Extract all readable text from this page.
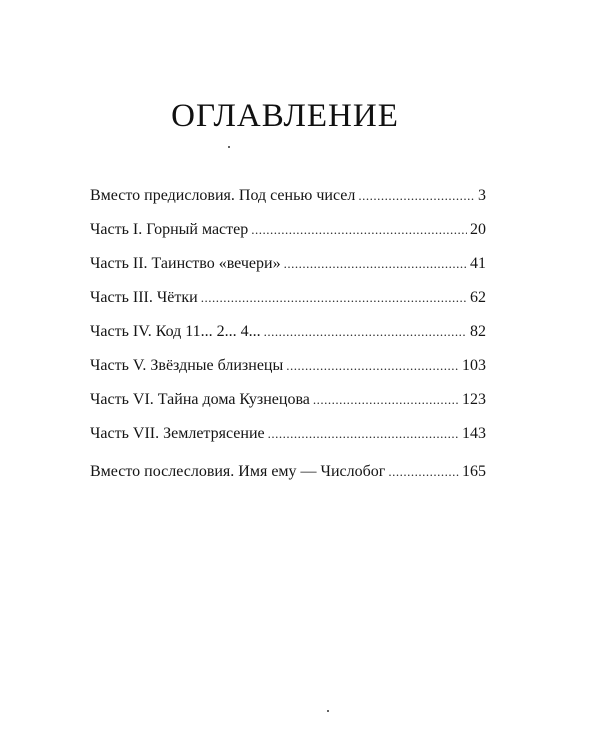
ОГЛАВЛЕНИЕ
Вместо предисловия. Под сенью чисел .....	3
Часть I. Горный мастер .....	20
Часть II. Таинство «вечери» .....	41
Часть III. Чётки .....	62
Часть IV. Код 11... 2... 4... .....	82
Часть V. Звёздные близнецы .....	103
Часть VI. Тайна дома Кузнецова .....	123
Часть VII. Землетрясение .....	143
Вместо послесловия. Имя ему — Числобог .....	165
